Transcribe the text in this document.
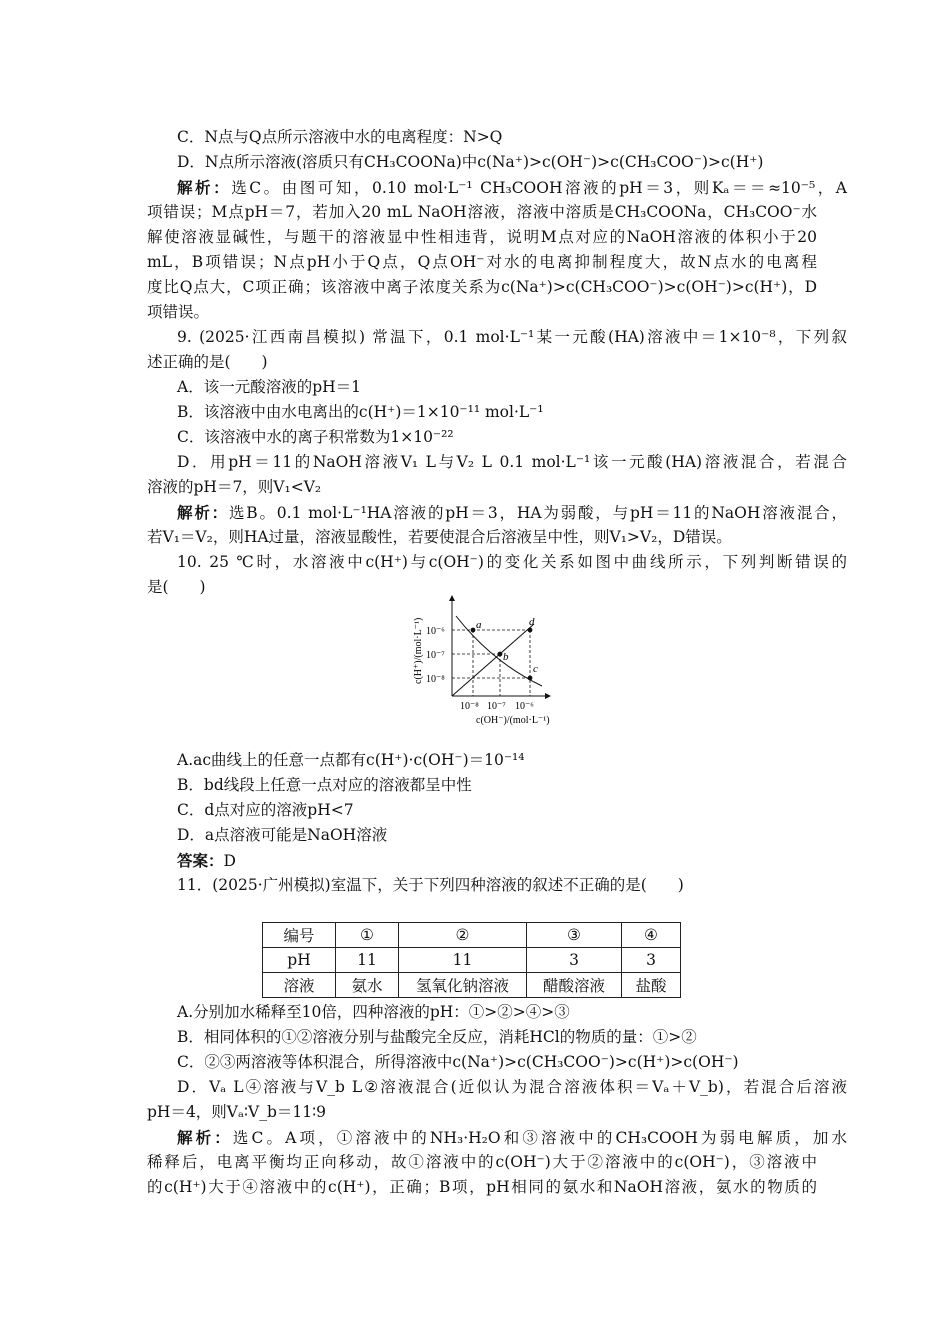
C．N点与Q点所示溶液中水的电离程度：N>Q
D．N点所示溶液(溶质只有CH₃COONa)中c(Na⁺)>c(OH⁻)>c(CH₃COO⁻)>c(H⁺)
解析：选C。由图可知，0.10 mol·L⁻¹ CH₃COOH溶液的pH＝3，则Kₐ＝＝≈10⁻⁵，A
项错误；M点pH＝7，若加入20 mL NaOH溶液，溶液中溶质是CH₃COONa，CH₃COO⁻水
解使溶液显碱性，与题干的溶液显中性相违背，说明M点对应的NaOH溶液的体积小于20
mL，B项错误；N点pH小于Q点，Q点OH⁻对水的电离抑制程度大，故N点水的电离程
度比Q点大，C项正确；该溶液中离子浓度关系为c(Na⁺)>c(CH₃COO⁻)>c(OH⁻)>c(H⁺)，D
项错误。
9. (2025·江西南昌模拟) 常温下，0.1 mol·L⁻¹某一元酸(HA)溶液中＝1×10⁻⁸，下列叙
述正确的是(　　)
A．该一元酸溶液的pH＝1
B．该溶液中由水电离出的c(H⁺)＝1×10⁻¹¹ mol·L⁻¹
C．该溶液中水的离子积常数为1×10⁻²²
D．用pH＝11的NaOH溶液V₁ L与V₂ L 0.1 mol·L⁻¹该一元酸(HA)溶液混合，若混合
溶液的pH＝7，则V₁<V₂
解析：选B。0.1 mol·L⁻¹HA溶液的pH＝3，HA为弱酸，与pH＝11的NaOH溶液混合，
若V₁＝V₂，则HA过量，溶液显酸性，若要使混合后溶液呈中性，则V₁>V₂，D错误。
10. 25 ℃时，水溶液中c(H⁺)与c(OH⁻)的变化关系如图中曲线所示，下列判断错误的
是(　　)
a
b
c
d
10⁻⁶
10⁻⁷
10⁻⁸
10⁻⁸ 10⁻⁷ 10⁻⁶
c(H⁺)/(mol·L⁻¹)
c(OH⁻)/(mol·L⁻¹)
A.ac曲线上的任意一点都有c(H⁺)·c(OH⁻)＝10⁻¹⁴
B．bd线段上任意一点对应的溶液都呈中性
C．d点对应的溶液pH<7
D．a点溶液可能是NaOH溶液
答案：D
11．(2025·广州模拟)室温下，关于下列四种溶液的叙述不正确的是(　　)
编号	①	②	③	④
pH	11	11	3	3
溶液	氨水	氢氧化钠溶液	醋酸溶液	盐酸
A.分别加水稀释至10倍，四种溶液的pH：①>②>④>③
B．相同体积的①②溶液分别与盐酸完全反应，消耗HCl的物质的量：①>②
C．②③两溶液等体积混合，所得溶液中c(Na⁺)>c(CH₃COO⁻)>c(H⁺)>c(OH⁻)
D．Vₐ L④溶液与V_b L②溶液混合(近似认为混合溶液体积＝Vₐ＋V_b)，若混合后溶液
pH＝4，则Vₐ∶V_b＝11∶9
解析：选C。A项，①溶液中的NH₃·H₂O和③溶液中的CH₃COOH为弱电解质，加水
稀释后，电离平衡均正向移动，故①溶液中的c(OH⁻)大于②溶液中的c(OH⁻)，③溶液中
的c(H⁺)大于④溶液中的c(H⁺)，正确；B项，pH相同的氨水和NaOH溶液，氨水的物质的
